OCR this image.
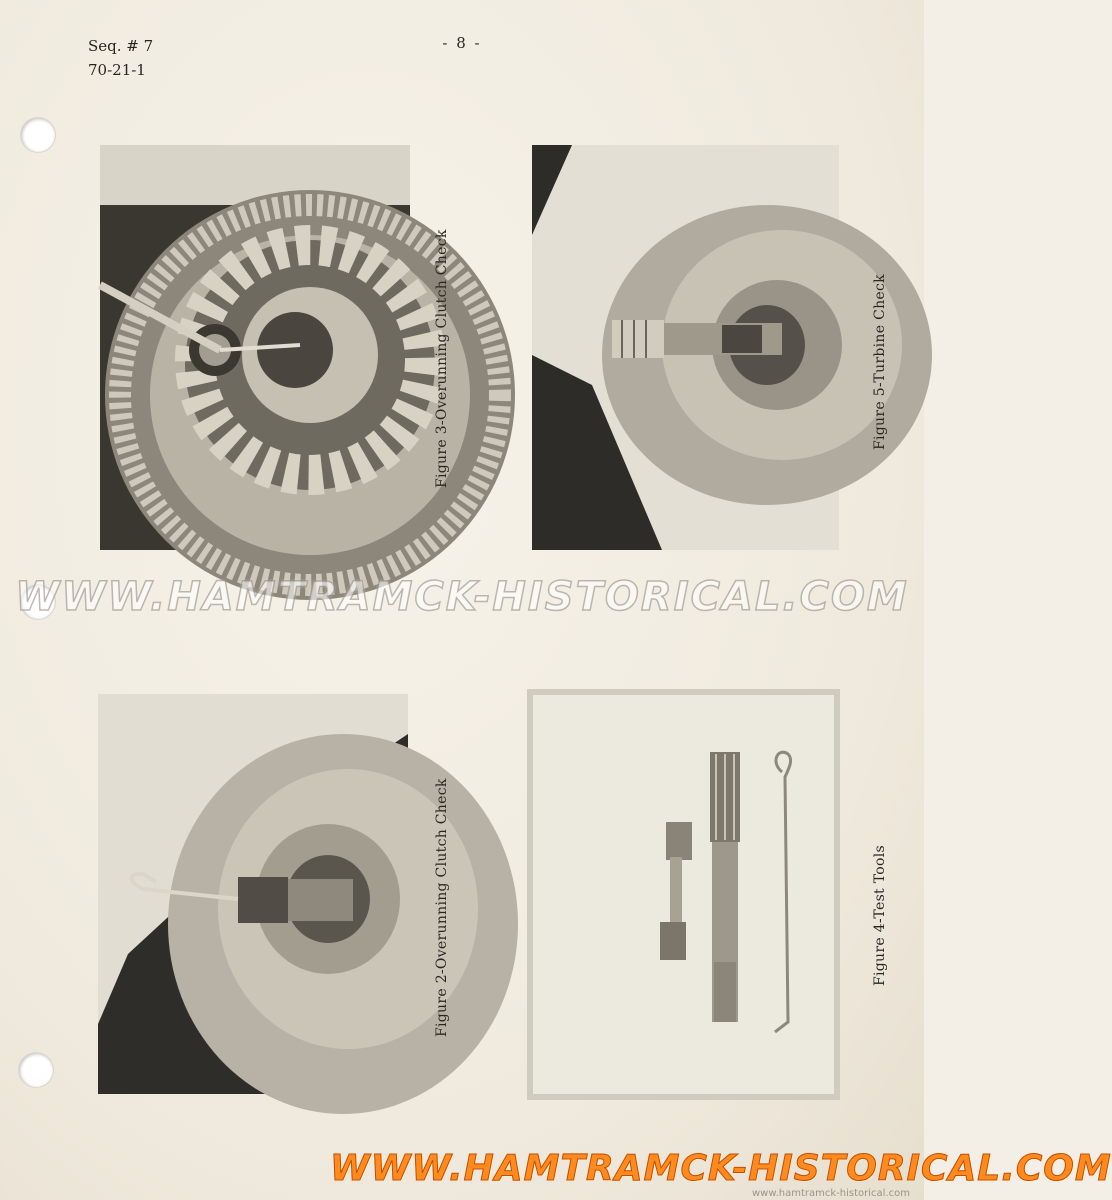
Seq. # 7
70-21-1
- 8 -
Figure 3-Overunning Clutch Check	Figure 5-Turbine Check
Figure 2-Overunning Clutch Check	Figure 4-Test Tools
WWW.HAMTRAMCK-HISTORICAL.COM
WWW.HAMTRAMCK-HISTORICAL.COM
www.hamtramck-historical.com
